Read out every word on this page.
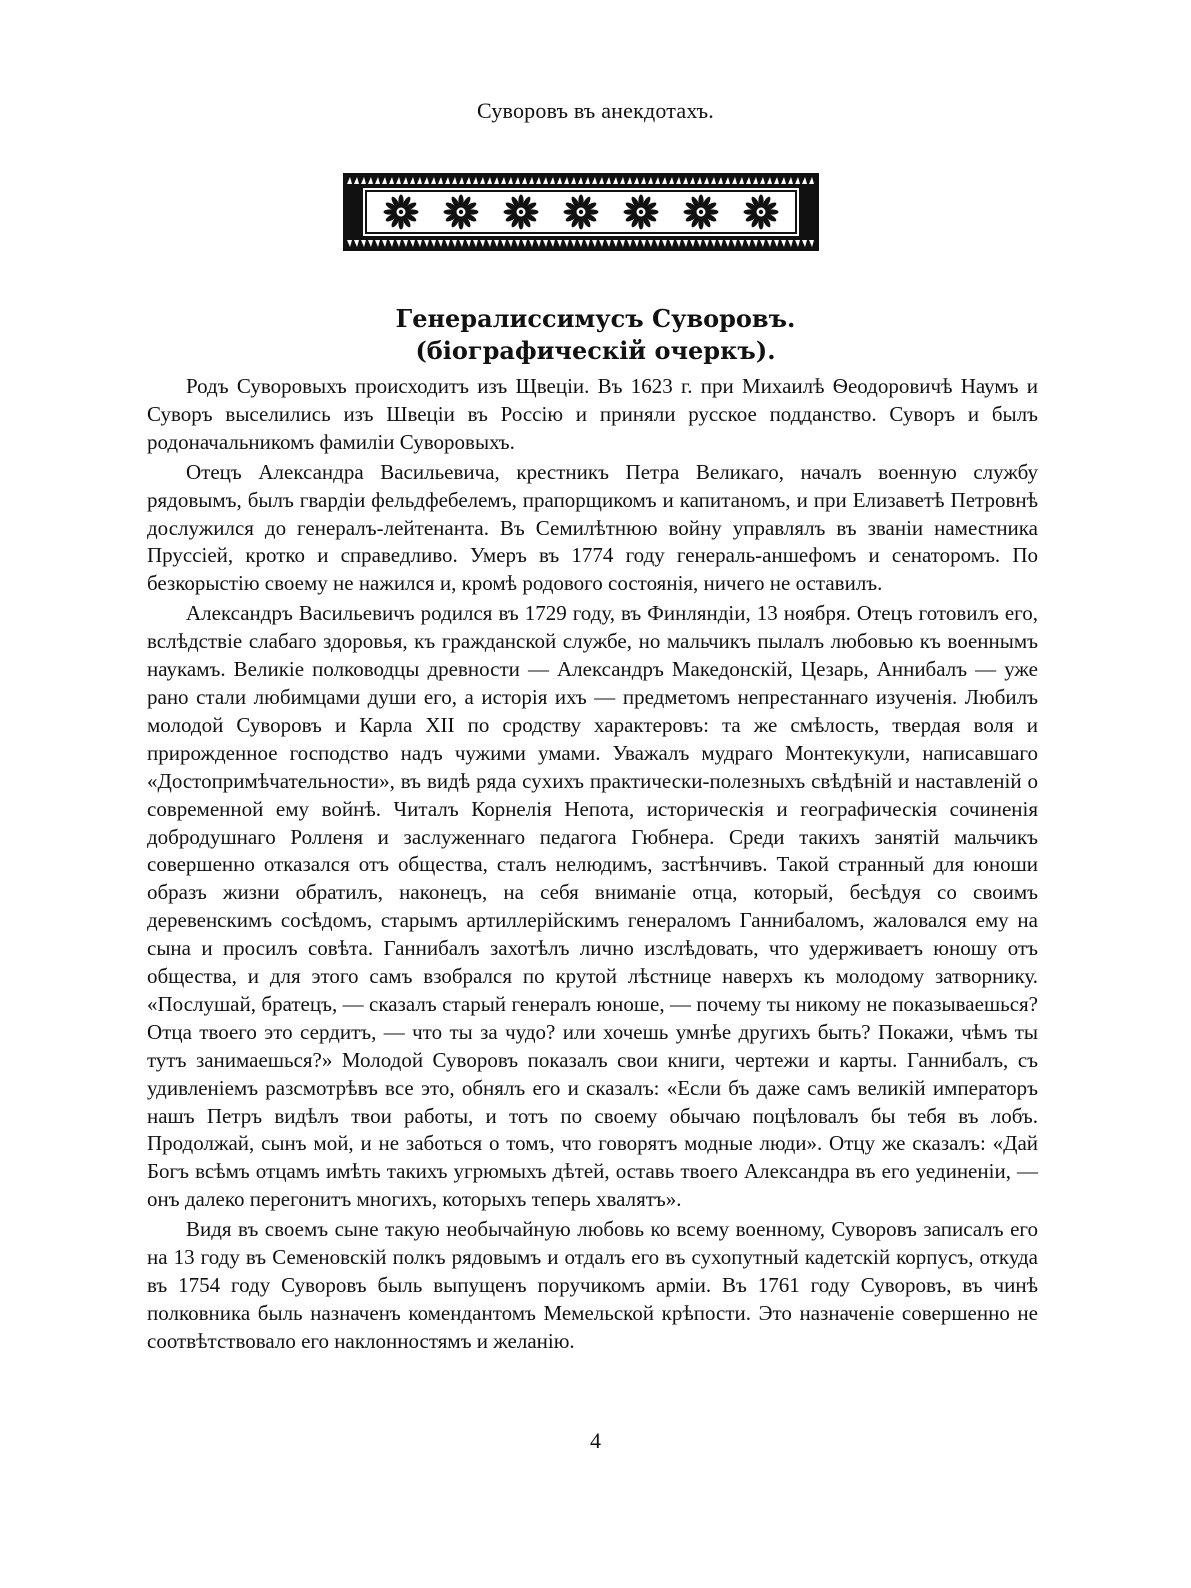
Суворовъ въ анекдотахъ.
Генералиссимусъ Суворовъ.
(біографическій очеркъ).

Родъ Суворовыхъ происходитъ изъ Щвеціи. Въ 1623 г. при Михаилѣ Ѳеодоровичѣ Наумъ и Суворъ выселились изъ Швеціи въ Россію и приняли русское подданство. Суворъ и былъ родоначальникомъ фамиліи Суворовыхъ.

Отецъ Александра Васильевича, крестникъ Петра Великаго, началъ военную службу рядовымъ, былъ гвардіи фельдфебелемъ, прапорщикомъ и капитаномъ, и при Елизаветѣ Петровнѣ дослужился до генералъ-лейтенанта. Въ Семилѣтнюю войну управлялъ въ званіи наместника Пруссіей, кротко и справедливо. Умеръ въ 1774 году генераль-аншефомъ и сенаторомъ. По безкорыстію своему не нажился и, кромѣ родового состоянія, ничего не оставилъ.

Александръ Васильевичъ родился въ 1729 году, въ Финляндіи, 13 ноября. Отецъ готовилъ его, вслѣдствіе слабаго здоровья, къ гражданской службе, но мальчикъ пылалъ любовью къ военнымъ наукамъ. Великіе полководцы древности — Александръ Македонскій, Цезарь, Аннибалъ — уже рано стали любимцами души его, а исторія ихъ — предметомъ непрестаннаго изученія. Любилъ молодой Суворовъ и Карла XII по сродству характеровъ: та же смѣлость, твердая воля и прирожденное господство надъ чужими умами. Уважалъ мудраго Монтекукули, написавшаго «Достопримѣчательности», въ видѣ ряда сухихъ практически-полезныхъ свѣдѣній и наставленій о современной ему войнѣ. Читалъ Корнелія Непота, историческія и географическія сочиненія добродушнаго Ролленя и заслуженнаго педагога Гюбнера. Среди такихъ занятій мальчикъ совершенно отказался отъ общества, сталъ нелюдимъ, застѣнчивъ. Такой странный для юноши образъ жизни обратилъ, наконецъ, на себя вниманіе отца, который, бесѣдуя со своимъ деревенскимъ сосѣдомъ, старымъ артиллерійскимъ генераломъ Ганнибаломъ, жаловался ему на сына и просилъ совѣта. Ганнибалъ захотѣлъ лично изслѣдовать, что удерживаетъ юношу отъ общества, и для этого самъ взобрался по крутой лѣстнице наверхъ къ молодому затворнику. «Послушай, братецъ, — сказалъ старый генералъ юноше, — почему ты никому не показываешься? Отца твоего это сердитъ, — что ты за чудо? или хочешь умнѣе другихъ быть? Покажи, чѣмъ ты тутъ занимаешься?» Молодой Суворовъ показалъ свои книги, чертежи и карты. Ганнибалъ, съ удивленіемъ разсмотрѣвъ все это, обнялъ его и сказалъ: «Если бъ даже самъ великій императоръ нашъ Петръ видѣлъ твои работы, и тотъ по своему обычаю поцѣловалъ бы тебя въ лобъ. Продолжай, сынъ мой, и не заботься о томъ, что говорятъ модные люди». Отцу же сказалъ: «Дай Богъ всѣмъ отцамъ имѣть такихъ угрюмыхъ дѣтей, оставь твоего Александра въ его уединеніи, — онъ далеко перегонитъ многихъ, которыхъ теперь хвалятъ».

Видя въ своемъ сыне такую необычайную любовь ко всему военному, Суворовъ записалъ его на 13 году въ Семеновскій полкъ рядовымъ и отдалъ его въ сухопутный кадетскій корпусъ, откуда въ 1754 году Суворовъ быль выпущенъ поручикомъ арміи. Въ 1761 году Суворовъ, въ чинѣ полковника быль назначенъ комендантомъ Мемельской крѣпости. Это назначеніе совершенно не соотвѣтствовало его наклонностямъ и желанію.

4
